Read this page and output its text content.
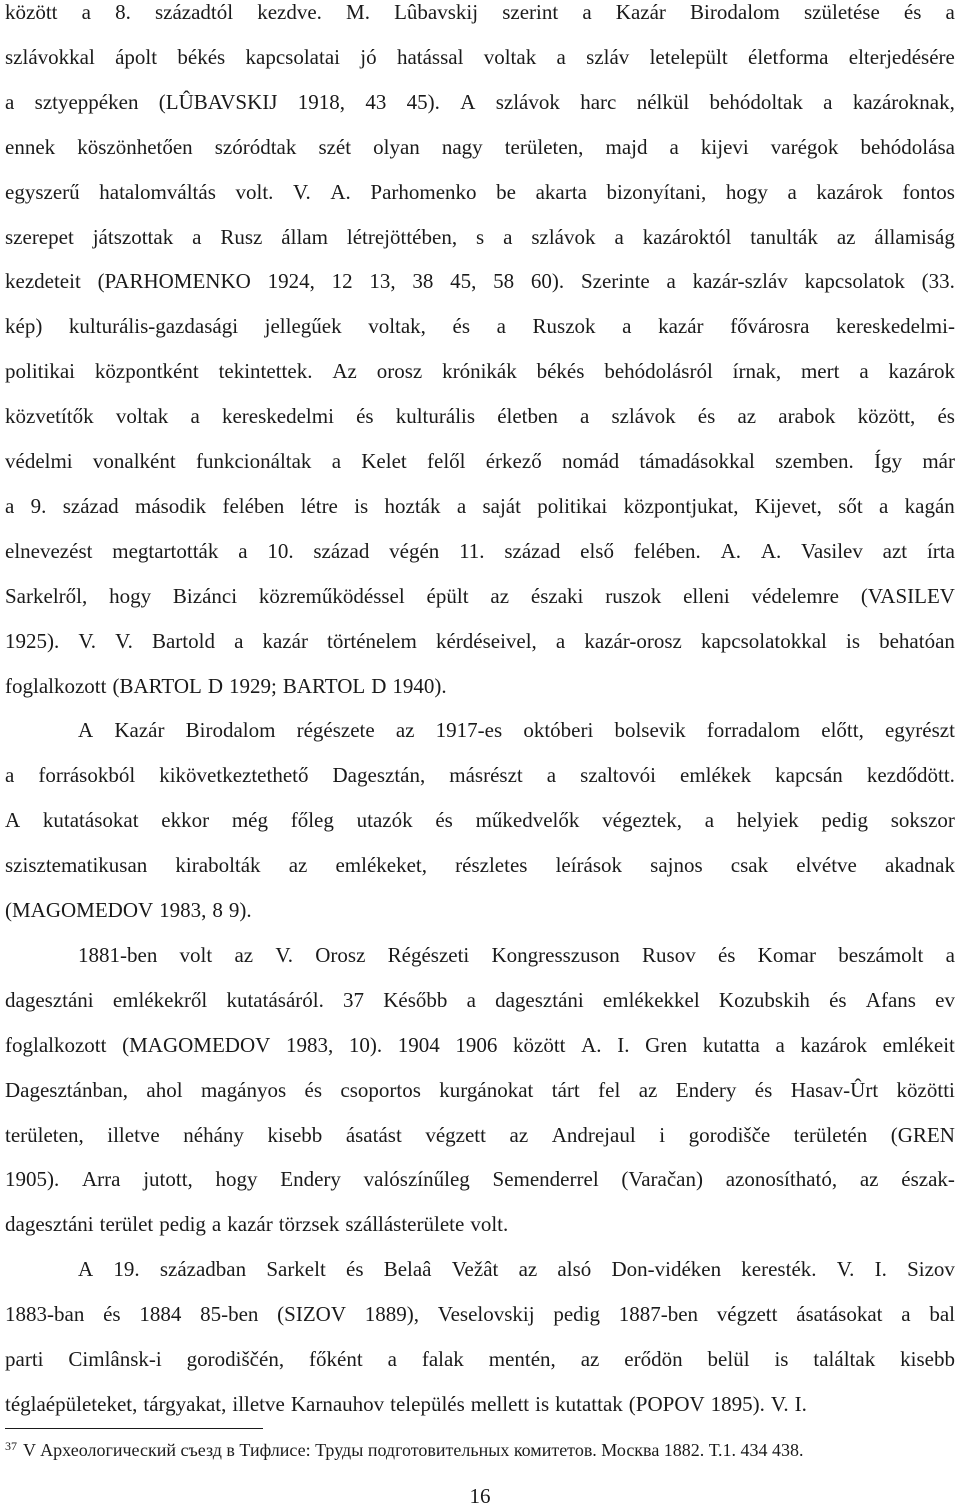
között a 8. századtól kezdve. M. Lûbavskij szerint a Kazár Birodalom születése és a
szlávokkal ápolt békés kapcsolatai jó hatással voltak a szláv letelepült életforma elterjedésére
a sztyeppéken (LÛBAVSKIJ 1918, 43 45). A szlávok harc nélkül behódoltak a kazároknak,
ennek köszönhetően szóródtak szét olyan nagy területen, majd a kijevi varégok behódolása
egyszerű hatalomváltás volt. V. A. Parhomenko be akarta bizonyítani, hogy a kazárok fontos
szerepet játszottak a Rusz állam létrejöttében, s a szlávok a kazároktól tanulták az államiság
kezdeteit (PARHOMENKO 1924, 12 13, 38 45, 58 60). Szerinte a kazár-szláv kapcsolatok (33.
kép) kulturális-gazdasági jellegűek voltak, és a Ruszok a kazár fővárosra kereskedelmi-
politikai központként tekintettek. Az orosz krónikák békés behódolásról írnak, mert a kazárok
közvetítők voltak a kereskedelmi és kulturális életben a szlávok és az arabok között, és
védelmi vonalként funkcionáltak a Kelet felől érkező nomád támadásokkal szemben. Így már
a 9. század második felében létre is hozták a saját politikai központjukat, Kijevet, sőt a kagán
elnevezést megtartották a 10. század végén 11. század első felében. A. A. Vasilev azt írta
Sarkelről, hogy Bizánci közreműködéssel épült az északi ruszok elleni védelemre (VASILEV
1925). V. V. Bartold a kazár történelem kérdéseivel, a kazár-orosz kapcsolatokkal is behatóan
foglalkozott (BARTOL D 1929; BARTOL D 1940).
A Kazár Birodalom régészete az 1917-es októberi bolsevik forradalom előtt, egyrészt
a forrásokból kikövetkeztethető Dagesztán, másrészt a szaltovói emlékek kapcsán kezdődött.
A kutatásokat ekkor még főleg utazók és műkedvelők végeztek, a helyiek pedig sokszor
szisztematikusan kirabolták az emlékeket, részletes leírások sajnos csak elvétve akadnak
(MAGOMEDOV 1983, 8 9).
1881-ben volt az V. Orosz Régészeti Kongresszuson Rusov és Komar beszámolt a
dagesztáni emlékekről kutatásáról. 37 Később a dagesztáni emlékekkel Kozubskih és Afans ev
foglalkozott (MAGOMEDOV 1983, 10). 1904 1906 között A. I. Gren kutatta a kazárok emlékeit
Dagesztánban, ahol magányos és csoportos kurgánokat tárt fel az Endery és Hasav-Ûrt közötti
területen, illetve néhány kisebb ásatást végzett az Andrejaul i gorodišče területén (GREN
1905). Arra jutott, hogy Endery valószínűleg Semenderrel (Varačan) azonosítható, az észak-
dagesztáni terület pedig a kazár törzsek szállásterülete volt.
A 19. században Sarkelt és Belaâ Vežât az alsó Don-vidéken keresték. V. I. Sizov
1883-ban és 1884 85-ben (SIZOV 1889), Veselovskij pedig 1887-ben végzett ásatásokat a bal
parti Cimlânsk-i gorodiščén, főként a falak mentén, az erődön belül is találtak kisebb
téglaépületeket, tárgyakat, illetve Karnauhov település mellett is kutattak (POPOV 1895). V. I.
$^{37}$ V Археологический съезд в Тифлисе: Труды подготовительных комитетов. Москва 1882. Т.1. 434 438.
16
